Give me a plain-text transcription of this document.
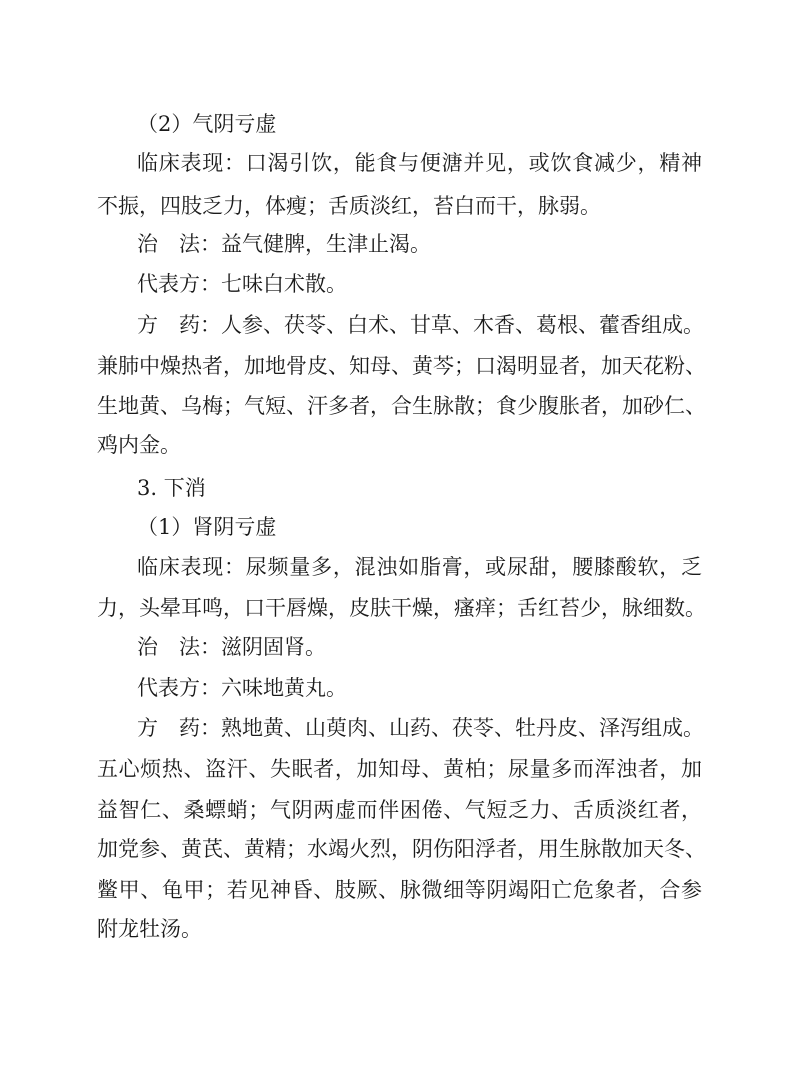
（2）气阴亏虚
临床表现：口渴引饮，能食与便溏并见，或饮食减少，精神
不振，四肢乏力，体瘦；舌质淡红，苔白而干，脉弱。
治　法：益气健脾，生津止渴。
代表方：七味白术散。
方　药：人参、茯苓、白术、甘草、木香、葛根、藿香组成。
兼肺中燥热者，加地骨皮、知母、黄芩；口渴明显者，加天花粉、
生地黄、乌梅；气短、汗多者，合生脉散；食少腹胀者，加砂仁、
鸡内金。
3. 下消
（1）肾阴亏虚
临床表现：尿频量多，混浊如脂膏，或尿甜，腰膝酸软，乏
力，头晕耳鸣，口干唇燥，皮肤干燥，瘙痒；舌红苔少，脉细数。
治　法：滋阴固肾。
代表方：六味地黄丸。
方　药：熟地黄、山萸肉、山药、茯苓、牡丹皮、泽泻组成。
五心烦热、盗汗、失眠者，加知母、黄柏；尿量多而浑浊者，加
益智仁、桑螵蛸；气阴两虚而伴困倦、气短乏力、舌质淡红者，
加党参、黄芪、黄精；水竭火烈，阴伤阳浮者，用生脉散加天冬、
鳖甲、龟甲；若见神昏、肢厥、脉微细等阴竭阳亡危象者，合参
附龙牡汤。
